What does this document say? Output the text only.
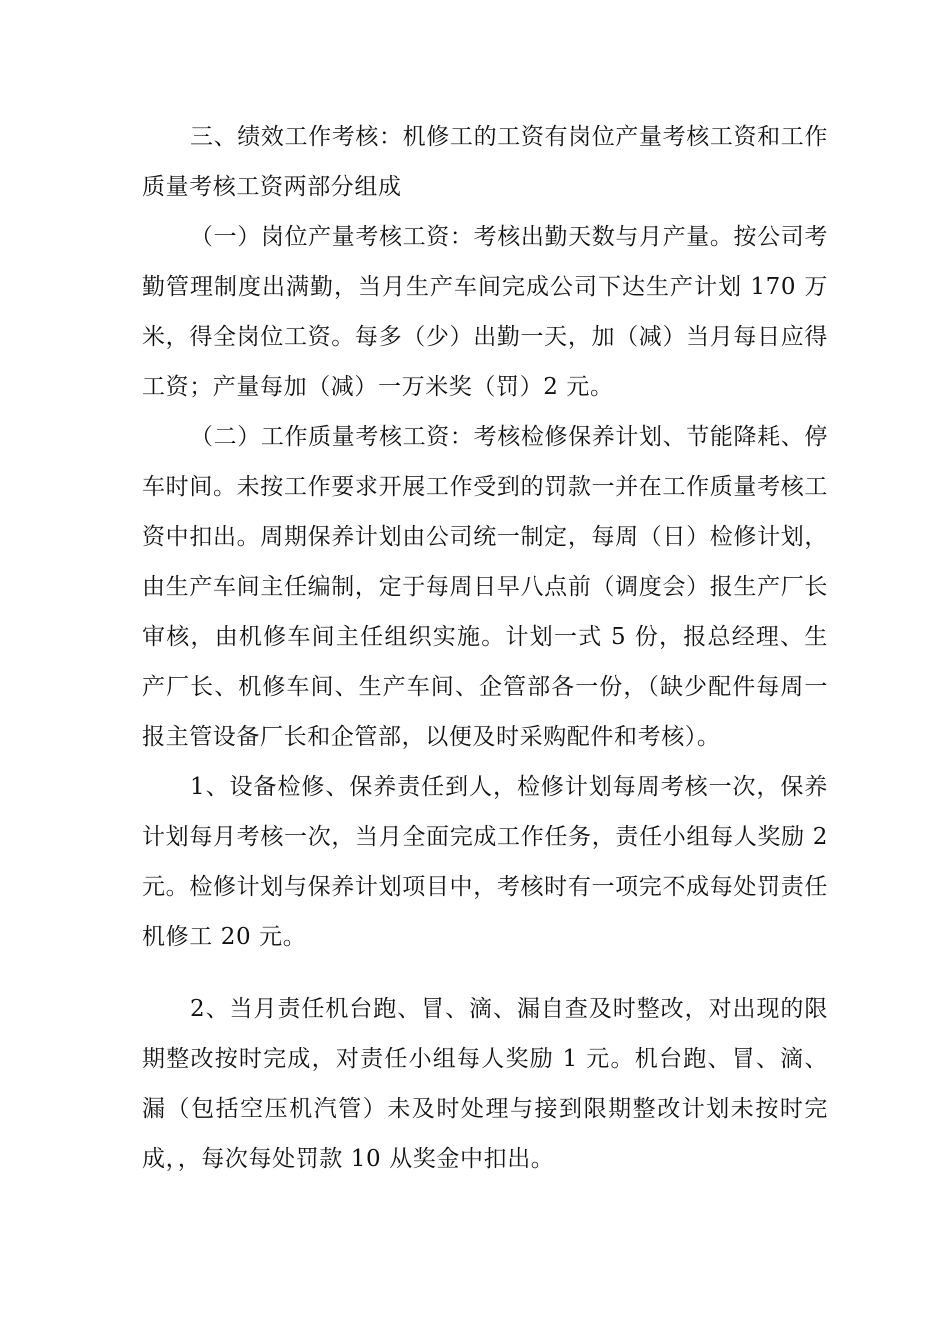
三、绩效工作考核：机修工的工资有岗位产量考核工资和工作质量考核工资两部分组成

（一）岗位产量考核工资：考核出勤天数与月产量。按公司考勤管理制度出满勤，当月生产车间完成公司下达生产计划 170 万米，得全岗位工资。每多（少）出勤一天，加（减）当月每日应得工资；产量每加（减）一万米奖（罚）2 元。

（二）工作质量考核工资：考核检修保养计划、节能降耗、停车时间。未按工作要求开展工作受到的罚款一并在工作质量考核工资中扣出。周期保养计划由公司统一制定，每周（日）检修计划，由生产车间主任编制，定于每周日早八点前（调度会）报生产厂长审核，由机修车间主任组织实施。计划一式 5 份，报总经理、生产厂长、机修车间、生产车间、企管部各一份，（缺少配件每周一报主管设备厂长和企管部，以便及时采购配件和考核）。

1、设备检修、保养责任到人，检修计划每周考核一次，保养计划每月考核一次，当月全面完成工作任务，责任小组每人奖励 2 元。检修计划与保养计划项目中，考核时有一项完不成每处罚责任机修工 20 元。

2、当月责任机台跑、冒、滴、漏自查及时整改，对出现的限期整改按时完成，对责任小组每人奖励 1 元。机台跑、冒、滴、漏（包括空压机汽管）未及时处理与接到限期整改计划未按时完成，，每次每处罚款 10 从奖金中扣出。
